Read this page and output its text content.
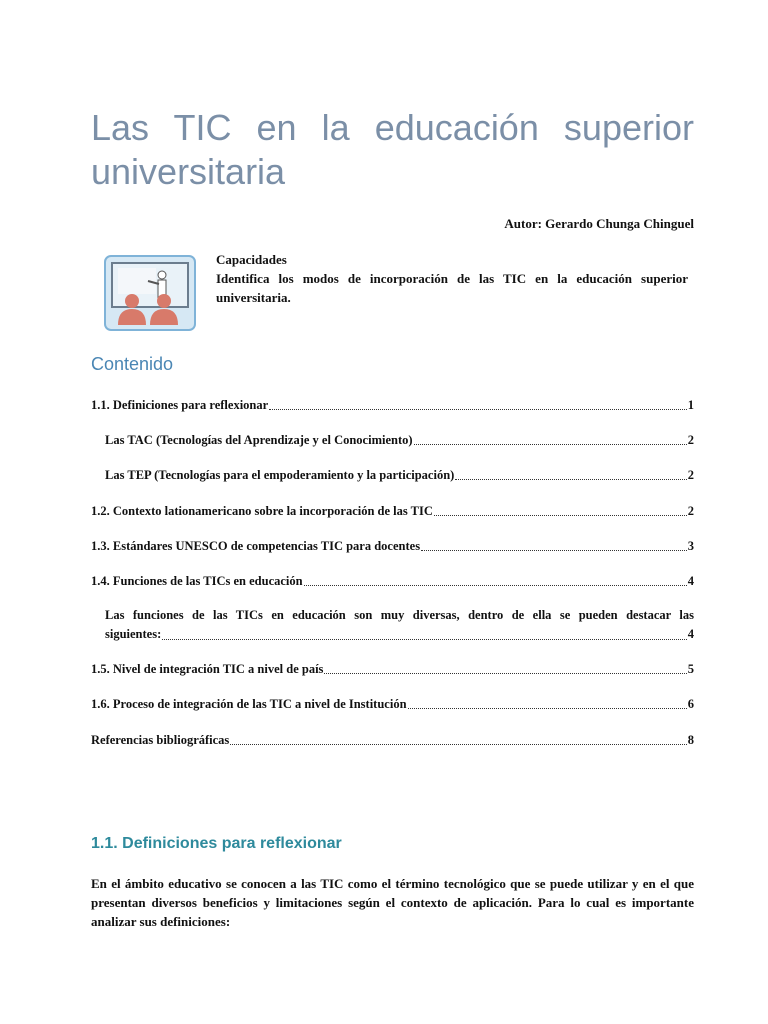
Las TIC en la educación superior universitaria
Autor: Gerardo Chunga Chinguel
Capacidades
Identifica los modos de incorporación de las TIC en la educación superior universitaria.
Contenido
1.1. Definiciones para reflexionar	1
Las TAC (Tecnologías del Aprendizaje y el Conocimiento)	2
Las TEP (Tecnologías para el empoderamiento y la participación)	2
1.2. Contexto lationamericano sobre la incorporación de las TIC	2
1.3. Estándares UNESCO de competencias TIC para docentes	3
1.4. Funciones de las TICs en educación	4
Las funciones de las TICs en educación son muy diversas, dentro de ella se pueden destacar las
siguientes:	4
1.5. Nivel de integración TIC a nivel de país	5
1.6. Proceso de integración de las TIC a nivel de Institución	6
Referencias bibliográficas	8
1.1. Definiciones para reflexionar

En el ámbito educativo se conocen a las TIC como el término tecnológico que se puede utilizar y en el que presentan diversos beneficios y limitaciones según el contexto de aplicación. Para lo cual es importante analizar sus definiciones:
